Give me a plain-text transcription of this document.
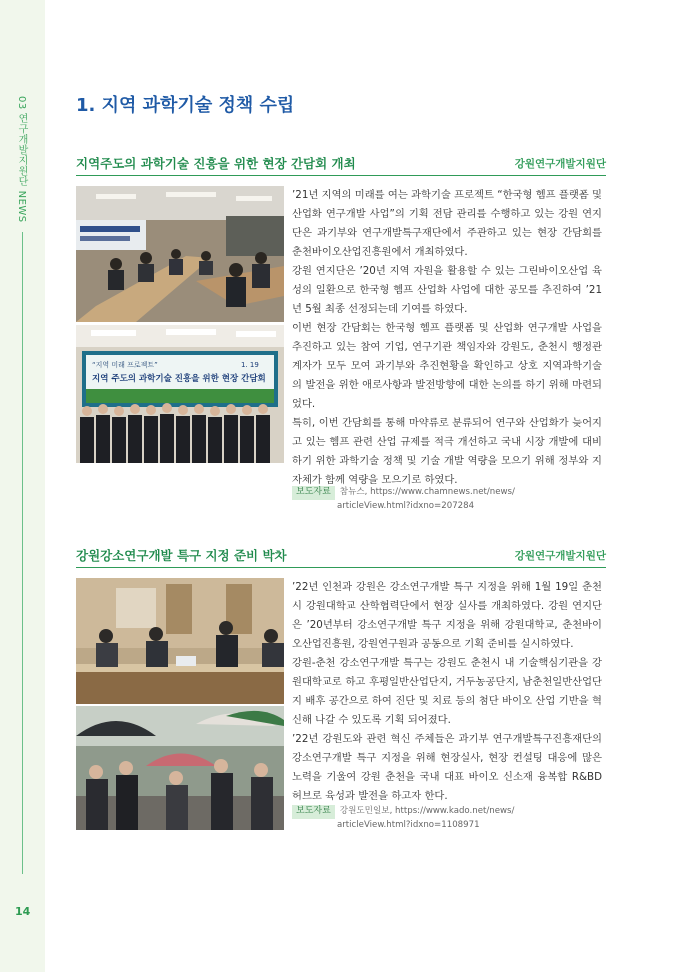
03 연구개발지원단 NEWS
14
1. 지역 과학기술 정책 수립
지역주도의 과학기술 진흥을 위한 현장 간담회 개최	강원연구개발지원단
“지역 미래 프로젝트”
지역 주도의 과학기술 진흥을 위한 현장 간담회
1. 19

’21년 지역의 미래를 여는 과학기술 프로젝트 “한국형 헴프 플랫폼 및 산업화 연구개발 사업”의 기획 전담 관리를 수행하고 있는 강원 연지단은 과기부와 연구개발특구재단에서 주관하고 있는 현장 간담회를 춘천바이오산업진흥원에서 개최하였다.

강원 연지단은 ’20년 지역 자원을 활용할 수 있는 그린바이오산업 육성의 일환으로 한국형 헴프 산업화 사업에 대한 공모를 추진하여 ’21년 5월 최종 선정되는데 기여를 하였다.

이번 현장 간담회는 한국형 헴프 플랫폼 및 산업화 연구개발 사업을 추진하고 있는 참여 기업, 연구기관 책임자와 강원도, 춘천시 행정관계자가 모두 모여 과기부와 추진현황을 확인하고 상호 지역과학기술의 발전을 위한 애로사항과 발전방향에 대한 논의를 하기 위해 마련되었다.

특히, 이번 간담회를 통해 마약류로 분류되어 연구와 산업화가 늦어지고 있는 헴프 관련 산업 규제를 적극 개선하고 국내 시장 개발에 대비하기 위한 과학기술 정책 및 기술 개발 역량을 모으기 위해 정부와 지자체가 함께 역량을 모으기로 하였다.

보도자료 참뉴스, https://www.chamnews.net/news/
articleView.html?idxno=207284
강원강소연구개발 특구 지정 준비 박차	강원연구개발지원단

’22년 인천과 강원은 강소연구개발 특구 지정을 위해 1월 19일 춘천시 강원대학교 산학협력단에서 현장 실사를 개최하였다. 강원 연지단은 ’20년부터 강소연구개발 특구 지정을 위해 강원대학교, 춘천바이오산업진흥원, 강원연구원과 공동으로 기획 준비를 실시하였다.

강원-춘천 강소연구개발 특구는 강원도 춘천시 내 기술핵심기관을 강원대학교로 하고 후평일반산업단지, 거두농공단지, 남춘천일반산업단지 배후 공간으로 하여 진단 및 치료 등의 첨단 바이오 산업 기반을 혁신해 나갈 수 있도록 기획 되어졌다.

’22년 강원도와 관련 혁신 주체들은 과기부 연구개발특구진흥재단의 강소연구개발 특구 지정을 위해 현장실사, 현장 컨설팅 대응에 많은 노력을 기울여 강원 춘천을 국내 대표 바이오 신소재 융복합 R&BD 허브로 육성과 발전을 하고자 한다.

보도자료 강원도민일보, https://www.kado.net/news/
articleView.html?idxno=1108971
